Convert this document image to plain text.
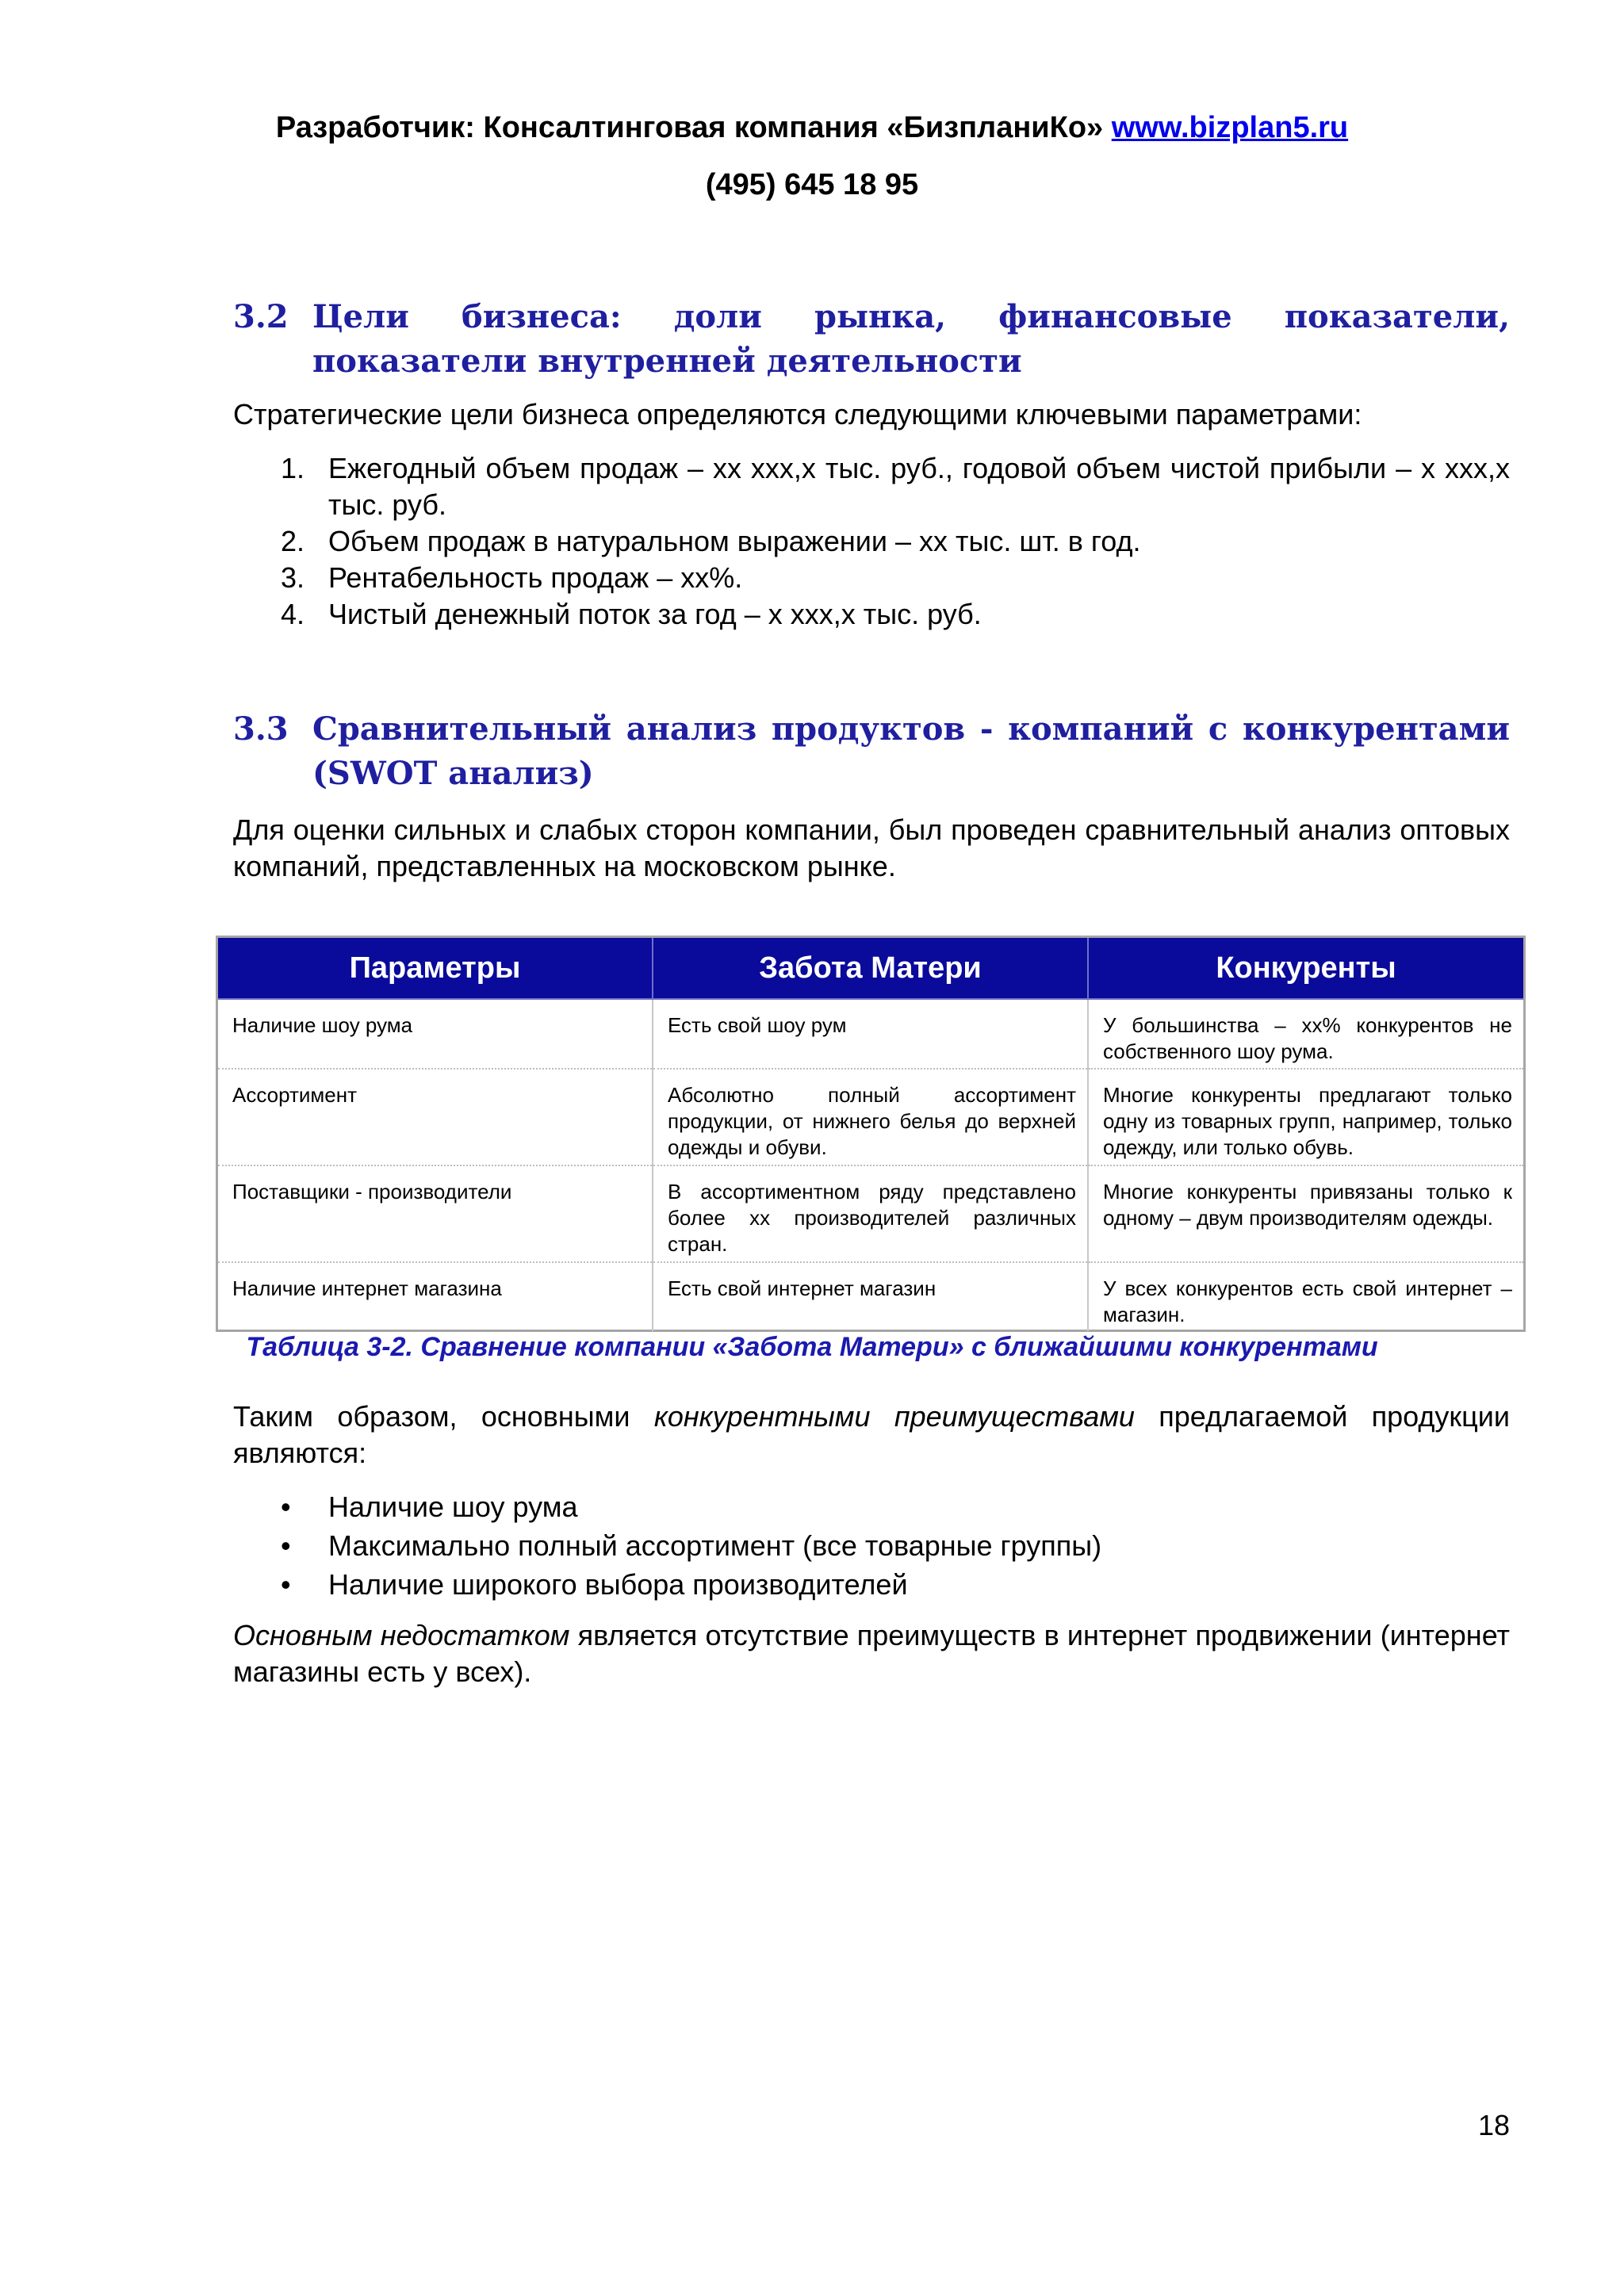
Разработчик: Консалтинговая компания «БизпланиКо» www.bizplan5.ru
(495) 645 18 95
3.2 Цели бизнеса: доли рынка, финансовые показатели, показатели внутренней деятельности
Стратегические цели бизнеса определяются следующими ключевыми параметрами:
1. Ежегодный объем продаж – хх ххх,х тыс. руб., годовой объем чистой прибыли – х ххх,х тыс. руб.
2. Объем продаж в натуральном выражении – хх тыс. шт. в год.
3. Рентабельность продаж – хх%.
4. Чистый денежный поток за год – х ххх,х тыс. руб.
3.3 Сравнительный анализ продуктов - компаний с конкурентами (SWOT анализ)
Для оценки сильных и слабых сторон компании, был проведен сравнительный анализ оптовых компаний, представленных на московском рынке.
Параметры	Забота Матери	Конкуренты
Наличие шоу рума	Есть свой шоу рум	У большинства – хх% конкурентов не собственного шоу рума.
Ассортимент	Абсолютно полный ассортимент продукции, от нижнего белья до верхней одежды и обуви.	Многие конкуренты предлагают только одну из товарных групп, например, только одежду, или только обувь.
Поставщики - производители	В ассортиментном ряду представлено более хх производителей различных стран.	Многие конкуренты привязаны только к одному – двум производителям одежды.
Наличие интернет магазина	Есть свой интернет магазин	У всех конкурентов есть свой интернет – магазин.
Таблица 3-2. Сравнение компании «Забота Матери» с ближайшими конкурентами
Таким образом, основными конкурентными преимуществами предлагаемой продукции являются:
• Наличие шоу рума
• Максимально полный ассортимент (все товарные группы)
• Наличие широкого выбора производителей
Основным недостатком является отсутствие преимуществ в интернет продвижении (интернет магазины есть у всех).
18
